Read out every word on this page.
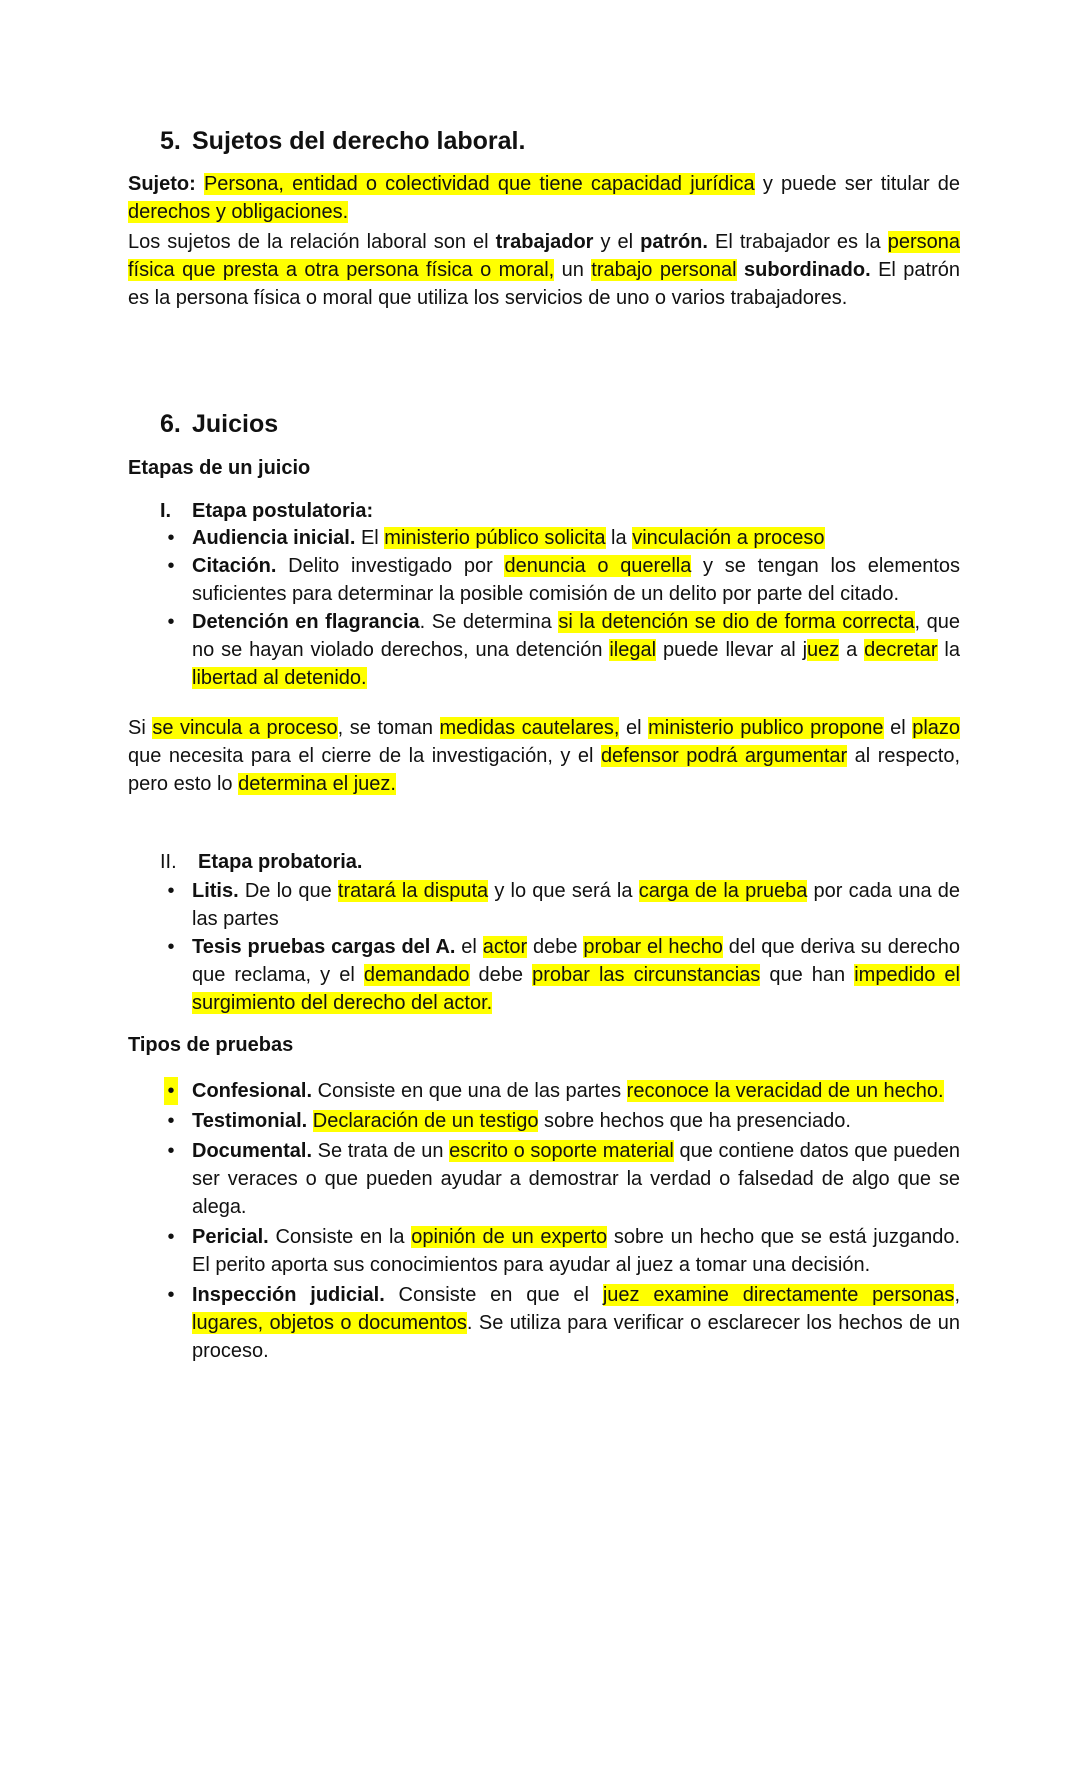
5. Sujetos del derecho laboral.

Sujeto: Persona, entidad o colectividad que tiene capacidad jurídica y puede ser titular de derechos y obligaciones.

Los sujetos de la relación laboral son el trabajador y el patrón. El trabajador es la persona física que presta a otra persona física o moral, un trabajo personal subordinado. El patrón es la persona física o moral que utiliza los servicios de uno o varios trabajadores.

6. Juicios
Etapas de un juicio
I. Etapa postulatoria:
• Audiencia inicial. El ministerio público solicita la vinculación a proceso
• Citación. Delito investigado por denuncia o querella y se tengan los elementos suficientes para determinar la posible comisión de un delito por parte del citado.
• Detención en flagrancia. Se determina si la detención se dio de forma correcta, que no se hayan violado derechos, una detención ilegal puede llevar al juez a decretar la libertad al detenido.

Si se vincula a proceso, se toman medidas cautelares, el ministerio publico propone el plazo que necesita para el cierre de la investigación, y el defensor podrá argumentar al respecto, pero esto lo determina el juez.

II. Etapa probatoria.
• Litis. De lo que tratará la disputa y lo que será la carga de la prueba por cada una de las partes
• Tesis pruebas cargas del A. el actor debe probar el hecho del que deriva su derecho que reclama, y el demandado debe probar las circunstancias que han impedido el surgimiento del derecho del actor.
Tipos de pruebas
• Confesional. Consiste en que una de las partes reconoce la veracidad de un hecho.
• Testimonial. Declaración de un testigo sobre hechos que ha presenciado.
• Documental. Se trata de un escrito o soporte material que contiene datos que pueden ser veraces o que pueden ayudar a demostrar la verdad o falsedad de algo que se alega.
• Pericial. Consiste en la opinión de un experto sobre un hecho que se está juzgando. El perito aporta sus conocimientos para ayudar al juez a tomar una decisión.
• Inspección judicial. Consiste en que el juez examine directamente personas, lugares, objetos o documentos. Se utiliza para verificar o esclarecer los hechos de un proceso.
